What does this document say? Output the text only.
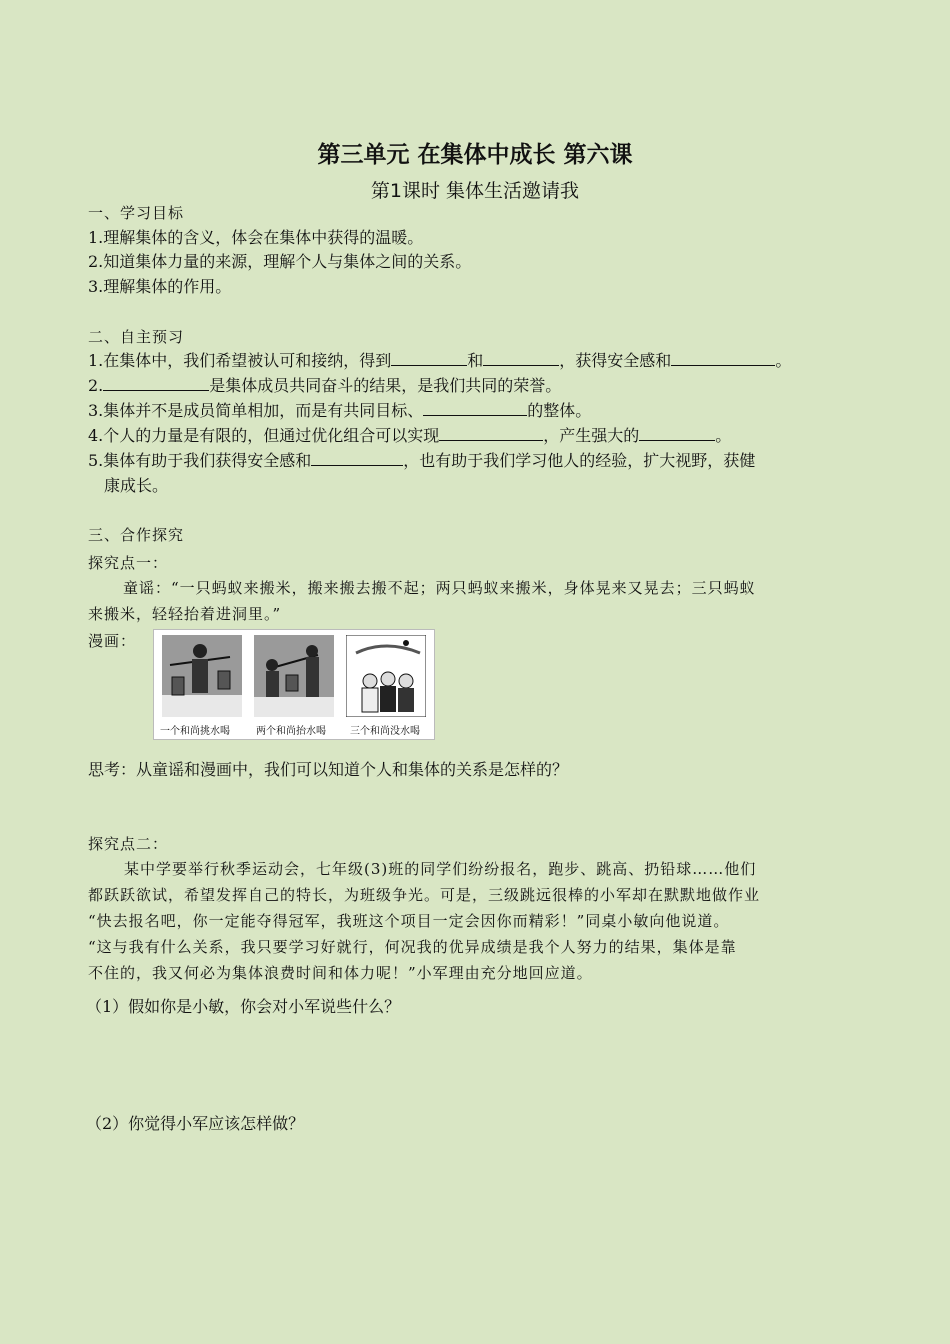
第三单元 在集体中成长 第六课
第1课时 集体生活邀请我
一、学习目标
1.理解集体的含义，体会在集体中获得的温暖。
2.知道集体力量的来源，理解个人与集体之间的关系。
3.理解集体的作用。
二、自主预习
1.在集体中，我们希望被认可和接纳，得到	和	，获得安全感和	。
2.	是集体成员共同奋斗的结果，是我们共同的荣誉。
3.集体并不是成员简单相加，而是有共同目标、	的整体。
4.个人的力量是有限的，但通过优化组合可以实现	，产生强大的	。
5.集体有助于我们获得安全感和	，也有助于我们学习他人的经验，扩大视野，获健
康成长。
三、合作探究
探究点一：
童谣：“一只蚂蚁来搬米，搬来搬去搬不起；两只蚂蚁来搬米，身体晃来又晃去；三只蚂蚁
来搬米，轻轻抬着进洞里。”
漫画：
一个和尚挑水喝	两个和尚抬水喝 三个和尚没水喝
思考：从童谣和漫画中，我们可以知道个人和集体的关系是怎样的？
探究点二：
某中学要举行秋季运动会，七年级(3)班的同学们纷纷报名，跑步、跳高、扔铅球……他们
都跃跃欲试，希望发挥自己的特长，为班级争光。可是，三级跳远很棒的小军却在默默地做作业
“快去报名吧，你一定能夺得冠军，我班这个项目一定会因你而精彩！”同桌小敏向他说道。
“这与我有什么关系，我只要学习好就行，何况我的优异成绩是我个人努力的结果，集体是靠
不住的，我又何必为集体浪费时间和体力呢！”小军理由充分地回应道。
（1）假如你是小敏，你会对小军说些什么？
（2）你觉得小军应该怎样做？
